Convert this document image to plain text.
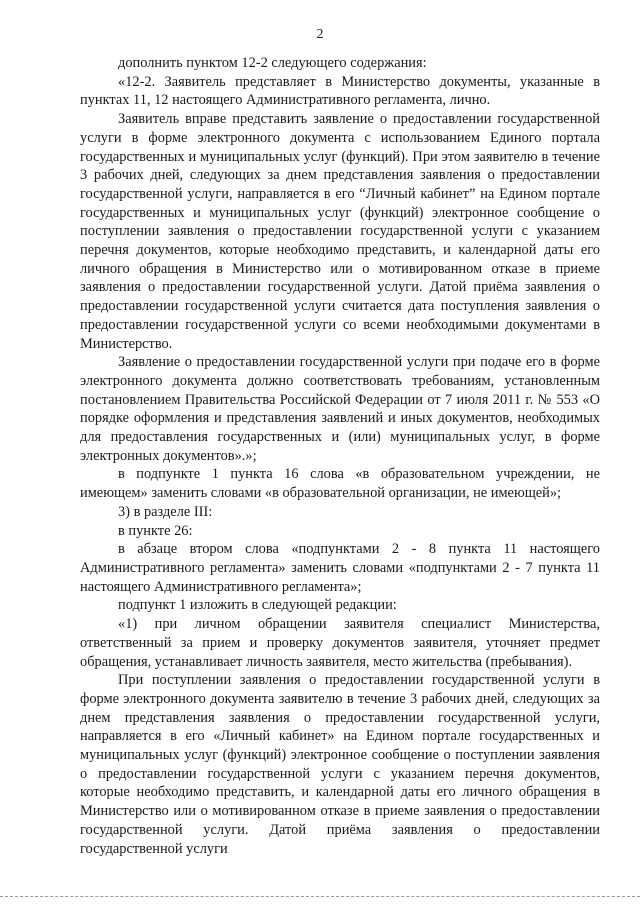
2

дополнить пунктом 12-2 следующего содержания:

«12-2. Заявитель представляет в Министерство документы, указанные в пунктах 11, 12 настоящего Административного регламента, лично.

Заявитель вправе представить заявление о предоставлении государственной услуги в форме электронного документа с использованием Единого портала государственных и муниципальных услуг (функций). При этом заявителю в течение 3 рабочих дней, следующих за днем представления заявления о предоставлении государственной услуги, направляется в его “Личный кабинет” на Едином портале государственных и муниципальных услуг (функций) электронное сообщение о поступлении заявления о предоставлении государственной услуги с указанием перечня документов, которые необходимо представить, и календарной даты его личного обращения в Министерство или о мотивированном отказе в приеме заявления о предоставлении государственной услуги. Датой приёма заявления о предоставлении государственной услуги считается дата поступления заявления о предоставлении государственной услуги со всеми необходимыми документами в Министерство.

Заявление о предоставлении государственной услуги при подаче его в форме электронного документа должно соответствовать требованиям, установленным постановлением Правительства Российской Федерации от 7 июля 2011 г. № 553 «О порядке оформления и представления заявлений и иных документов, необходимых для предоставления государственных и (или) муниципальных услуг, в форме электронных документов».»;

в подпункте 1 пункта 16 слова «в образовательном учреждении, не имеющем» заменить словами «в образовательной организации, не имеющей»;

3) в разделе III:

в пункте 26:

в абзаце втором слова «подпунктами 2 - 8 пункта 11 настоящего Административного регламента» заменить словами «подпунктами 2 - 7 пункта 11 настоящего Административного регламента»;

подпункт 1 изложить в следующей редакции:

«1) при личном обращении заявителя специалист Министерства, ответственный за прием и проверку документов заявителя, уточняет предмет обращения, устанавливает личность заявителя, место жительства (пребывания).

При поступлении заявления о предоставлении государственной услуги в форме электронного документа заявителю в течение 3 рабочих дней, следующих за днем представления заявления о предоставлении государственной услуги, направляется в его «Личный кабинет» на Едином портале государственных и муниципальных услуг (функций) электронное сообщение о поступлении заявления о предоставлении государственной услуги с указанием перечня документов, которые необходимо представить, и календарной даты его личного обращения в Министерство или о мотивированном отказе в приеме заявления о предоставлении государственной услуги. Датой приёма заявления о предоставлении государственной услуги
